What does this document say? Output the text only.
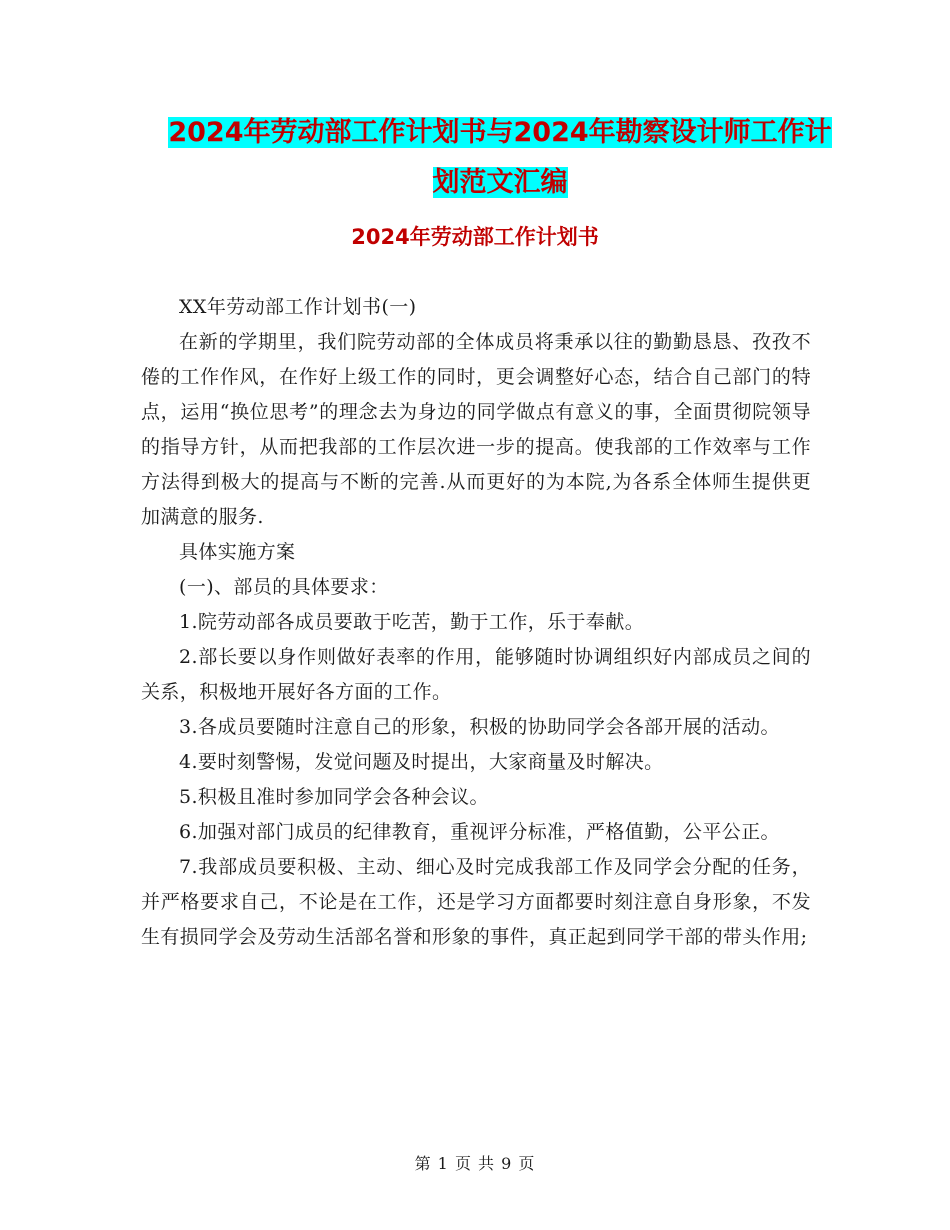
2024年劳动部工作计划书与2024年勘察设计师工作计
划范文汇编
2024年劳动部工作计划书

XX年劳动部工作计划书(一)

在新的学期里，我们院劳动部的全体成员将秉承以往的勤勤恳恳、孜孜不倦的工作作风，在作好上级工作的同时，更会调整好心态，结合自己部门的特点，运用“换位思考”的理念去为身边的同学做点有意义的事，全面贯彻院领导的指导方针，从而把我部的工作层次进一步的提高。使我部的工作效率与工作方法得到极大的提高与不断的完善.从而更好的为本院,为各系全体师生提供更加满意的服务.

具体实施方案

(一)、部员的具体要求：

1.院劳动部各成员要敢于吃苦，勤于工作，乐于奉献。

2.部长要以身作则做好表率的作用，能够随时协调组织好内部成员之间的关系，积极地开展好各方面的工作。

3.各成员要随时注意自己的形象，积极的协助同学会各部开展的活动。

4.要时刻警惕，发觉问题及时提出，大家商量及时解决。

5.积极且准时参加同学会各种会议。

6.加强对部门成员的纪律教育，重视评分标准，严格值勤，公平公正。

7.我部成员要积极、主动、细心及时完成我部工作及同学会分配的任务，并严格要求自己，不论是在工作，还是学习方面都要时刻注意自身形象，不发生有损同学会及劳动生活部名誉和形象的事件，真正起到同学干部的带头作用;

第 1 页 共 9 页
